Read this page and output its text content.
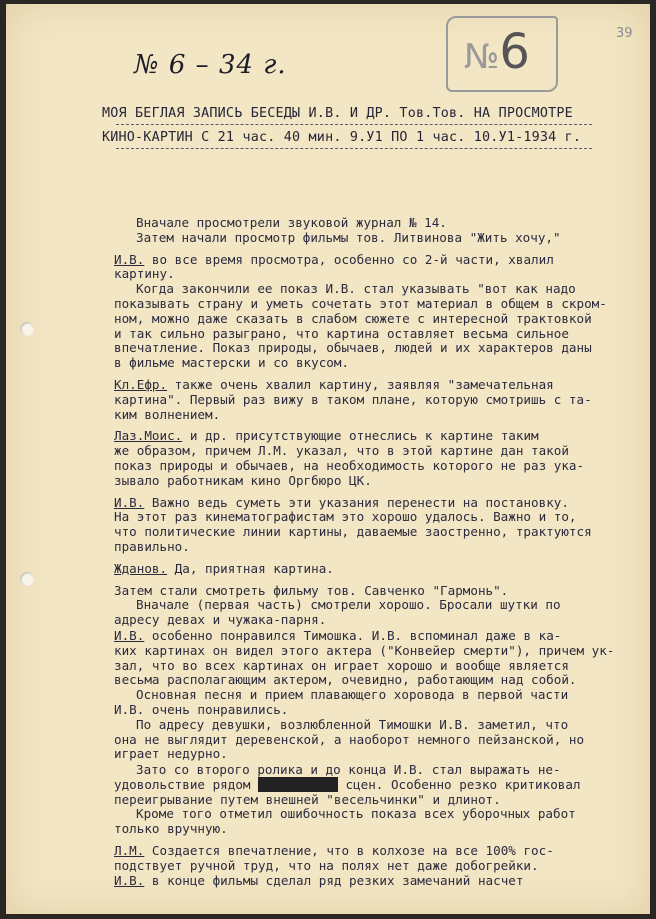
39
№ 6 – 34 г.	№6
МОЯ БЕГЛАЯ ЗАПИСЬ БЕСЕДЫ И.В. И ДР. Тов.Тов. НА ПРОСМОТРЕ
КИНО-КАРТИН С 21 час. 40 мин. 9.У1 ПО 1 час. 10.У1-1934 г.

Вначале просмотрели звуковой журнал № 14.
Затем начали просмотр фильмы тов. Литвинова "Жить хочу,"

И.В. во все время просмотра, особенно со 2-й части, хвалил
картину.
Когда закончили ее показ И.В. стал указывать "вот как надо
показывать страну и уметь сочетать этот материал в общем в скром-
ном, можно даже сказать в слабом сюжете с интересной трактовкой
и так сильно разыграно, что картина оставляет весьма сильное
впечатление. Показ природы, обычаев, людей и их характеров даны
в фильме мастерски и со вкусом.

Кл.Ефр. также очень хвалил картину, заявляя "замечательная
картина". Первый раз вижу в таком плане, которую смотришь с та-
ким волнением.

Лаз.Моис. и др. присутствующие отнеслись к картине таким
же образом, причем Л.М. указал, что в этой картине дан такой
показ природы и обычаев, на необходимость которого не раз ука-
зывало работникам кино Оргбюро ЦК.

И.В. Важно ведь суметь эти указания перенести на постановку.
На этот раз кинематографистам это хорошо удалось. Важно и то,
что политические линии картины, даваемые заостренно, трактуются
правильно.

Жданов. Да, приятная картина.

Затем стали смотреть фильму тов. Савченко "Гармонь".
Вначале (первая часть) смотрели хорошо. Бросали шутки по
адресу девах и чужака-парня.

И.В. особенно понравился Тимошка. И.В. вспоминал даже в ка-
ких картинах он видел этого актера ("Конвейер смерти"), причем ук-
зал, что во всех картинах он играет хорошо и вообще является
весьма располагающим актером, очевидно, работающим над собой.
Основная песня и прием плавающего хоровода в первой части
И.В. очень понравились.
По адресу девушки, возлюбленной Тимошки И.В. заметил, что
она не выглядит деревенской, а наоборот немного пейзанской, но
играет недурно.

Зато со второго ролика и до конца И.В. стал выражать не-
удовольствие рядом растянутых сцен. Особенно резко критиковал
переигрывание путем внешней "весельчинки" и длинот.
Кроме того отметил ошибочность показа всех уборочных работ
только вручную.

Л.М. Создается впечатление, что в колхозе на все 100% гос-
подствует ручной труд, что на полях нет даже добогрейки.
И.В. в конце фильмы сделал ряд резких замечаний насчет
